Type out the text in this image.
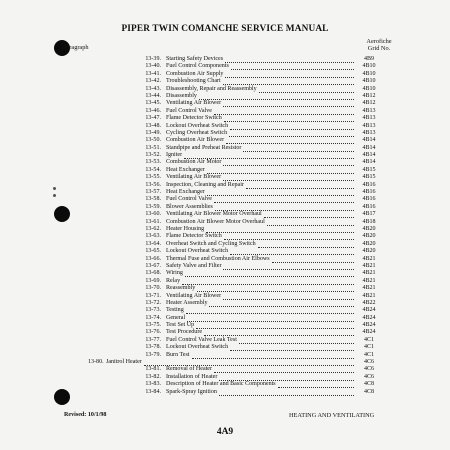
PIPER TWIN COMANCHE SERVICE MANUAL
Paragraph
Aerofiche
Grid No.
13-39. Starting Safety Devices	4B9
13-40. Fuel Control Components	4B10
13-41. Combustion Air Supply	4B10
13-42. Troubleshooting Chart	4B10
13-43. Disassembly, Repair and Reassembly	4B10
13-44. Disassembly	4B12
13-45. Ventilating Air Blower	4B12
13-46. Fuel Control Valve	4B13
13-47. Flame Detector Switch	4B13
13-48. Lockout Overheat Switch	4B13
13-49. Cycling Overheat Switch	4B13
13-50. Combustion Air Blower	4B14
13-51. Standpipe and Preheat Resistor	4B14
13-52. Igniter	4B14
13-53. Combustion Air Motor	4B14
13-54. Heat Exchanger	4B15
13-55. Ventilating Air Blower	4B15
13-56. Inspection, Cleaning and Repair	4B16
13-57. Heat Exchanger	4B16
13-58. Fuel Control Valve	4B16
13-59. Blower Assemblies	4B16
13-60. Ventilating Air Blower Motor Overhaul	4B17
13-61. Combustion Air Blower Motor Overhaul	4B18
13-62. Heater Housing	4B20
13-63. Flame Detector Switch	4B20
13-64. Overheat Switch and Cycling Switch	4B20
13-65. Lockout Overheat Switch	4B20
13-66. Thermal Fuse and Combustion Air Elbows	4B21
13-67. Safety Valve and Filter	4B21
13-68. Wiring	4B21
13-69. Relay	4B21
13-70. Reassembly	4B21
13-71. Ventilating Air Blower	4B21
13-72. Heater Assembly	4B22
13-73. Testing	4B24
13-74. General	4B24
13-75. Test Set Up	4B24
13-76. Test Procedure	4B24
13-77. Fuel Control Valve Leak Test	4C1
13-78. Lockout Overheat Switch	4C1
13-79. Burn Test	4C1
13-80. Janitrol Heater	4C6
13-81. Removal of Heater	4C6
13-82. Installation of Heater	4C6
13-83. Description of Heater and Basic Components	4C8
13-84. Spark-Spray Ignition	4C8
Revised: 10/1/98	HEATING AND VENTILATING
4A9
